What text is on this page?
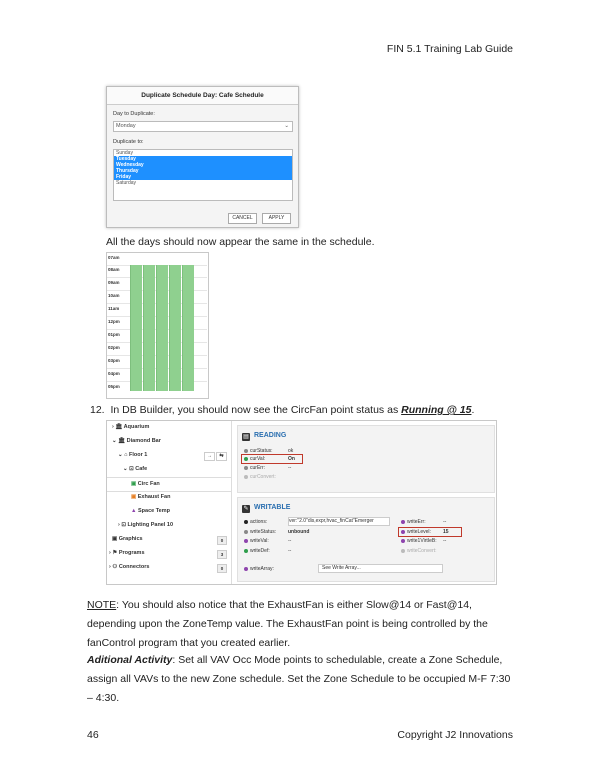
FIN 5.1 Training Lab Guide
46	Copyright J2 Innovations
Duplicate Schedule Day: Cafe Schedule
Day to Duplicate:
Monday	⌄
Duplicate to:
Sunday
Tuesday
Wednesday
Thursday
Friday
Saturday
CANCEL	APPLY
All the days should now appear the same in the schedule.
07am
08am
09am
10am
11am
12pm
01pm
02pm
03pm
04pm
05pm
12. In DB Builder, you should now see the CircFan point status as Running @ 15.
› 🏛 Aquarium
⌄ 🏛 Diamond Bar
⌄ ⌂ Floor 1	→	⇆
⌄ ⊡ Cafe
▣ Circ Fan
▣ Exhaust Fan
▲ Space Temp
› ⊡ Lighting Panel 10
▣ Graphics	0
› ⚑ Programs	3
› ⚇ Connectors	0
▤ READING
curStatus:	ok
curVal:	On
curErr:	--
curConvert:
✎ WRITABLE
actions:	ver:"2.0"dis,expr,hvac_finCat"Emerger
writeStatus: unbound
writeVal:	--
writeDef:	--
writeArray:	See Write Array...
writeErr:	--
writeLevel: 15
write1VirtIeB: --
writeConvert:
NOTE: You should also notice that the ExhaustFan is either Slow@14 or Fast@14, depending upon the ZoneTemp value. The ExhaustFan point is being controlled by the fanControl program that you created earlier.
Aditional Activity: Set all VAV Occ Mode points to schedulable, create a Zone Schedule, assign all VAVs to the new Zone schedule. Set the Zone Schedule to be occupied M-F 7:30 – 4:30.
